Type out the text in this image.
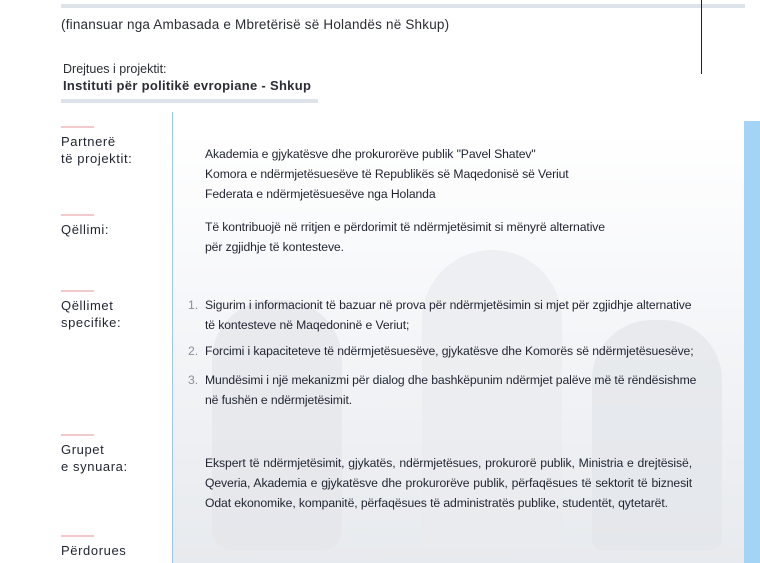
(finansuar nga Ambasada e Mbretërisë së Holandës në Shkup)
Drejtues i projektit:
Instituti për politikë evropiane - Shkup
Partnerë
të projektit:	Akademia e gjykatësve dhe prokurorëve publik "Pavel Shatev"
Komora e ndërmjetësuesëve të Republikës së Maqedonisë së Veriut
Federata e ndërmjetësuesëve nga Holanda
Qëllimi:	Të kontribuojë në rritjen e përdorimit të ndërmjetësimit si mënyrë alternative
për zgjidhje të kontesteve.
Qëllimet
specifike:
1. Sigurim i informacionit të bazuar në prova për ndërmjetësimin si mjet për zgjidhje alternative
të kontesteve në Maqedoninë e Veriut;
2. Forcimi i kapaciteteve të ndërmjetësuesëve, gjykatësve dhe Komorës së ndërmjetësuesëve;
3. Mundësimi i një mekanizmi për dialog dhe bashkëpunim ndërmjet palëve më të rëndësishme
në fushën e ndërmjetësimit.
Grupet
e synuara:	Ekspert të ndërmjetësimit, gjykatës, ndërmjetësues, prokurorë publik, Ministria e drejtësisë,
Qeveria, Akademia e gjykatësve dhe prokurorëve publik, përfaqësues të sektorit të biznesit
Odat ekonomike, kompanitë, përfaqësues të administratës publike, studentët, qytetarët.
Përdorues
